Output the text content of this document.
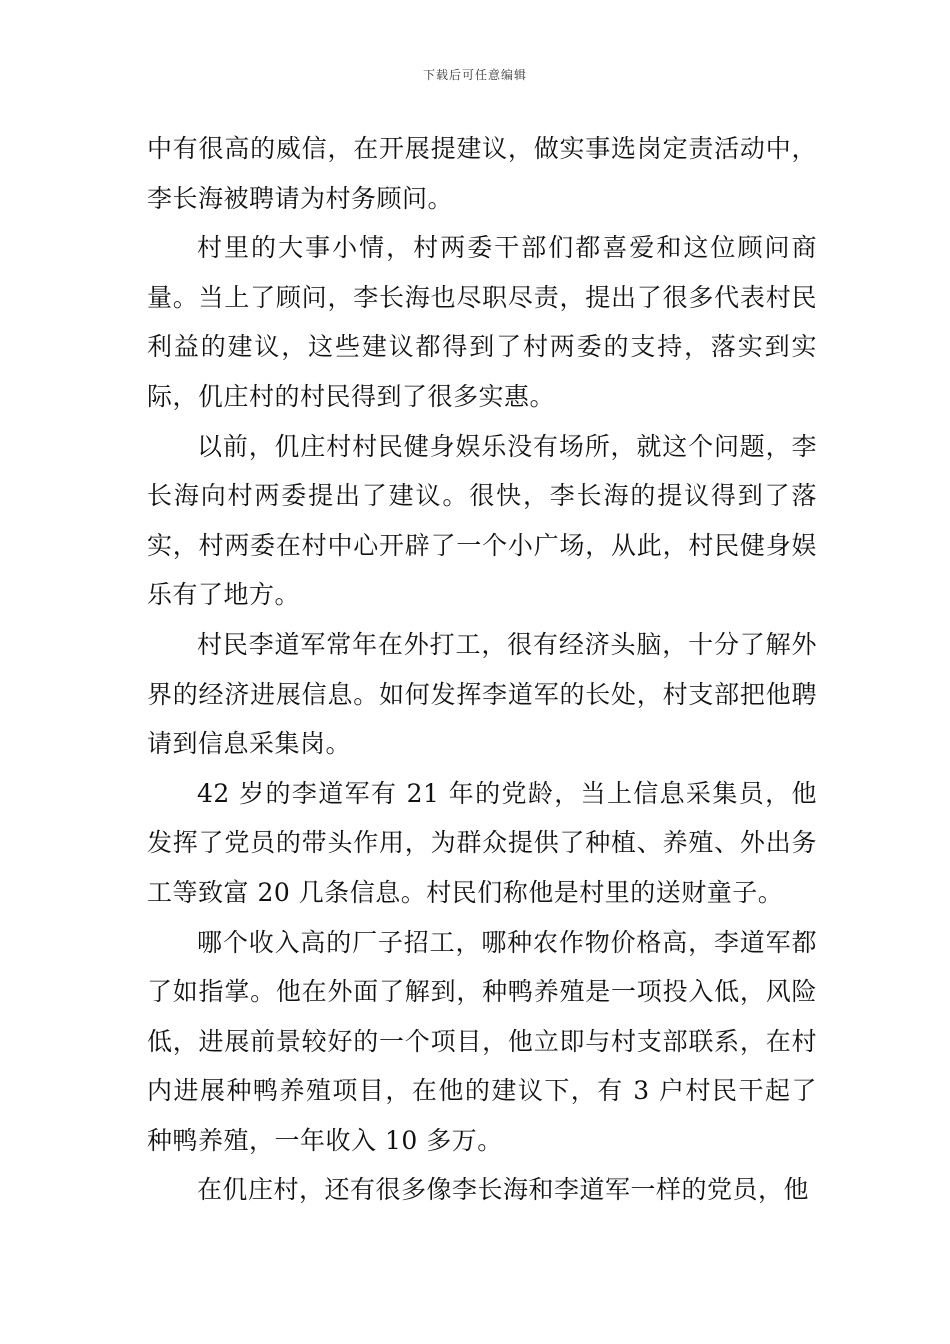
下载后可任意编辑

中有很高的威信，在开展提建议，做实事选岗定责活动中，李长海被聘请为村务顾问。

村里的大事小情，村两委干部们都喜爱和这位顾问商量。当上了顾问，李长海也尽职尽责，提出了很多代表村民利益的建议，这些建议都得到了村两委的支持，落实到实际，仉庄村的村民得到了很多实惠。

以前，仉庄村村民健身娱乐没有场所，就这个问题，李长海向村两委提出了建议。很快，李长海的提议得到了落实，村两委在村中心开辟了一个小广场，从此，村民健身娱乐有了地方。

村民李道军常年在外打工，很有经济头脑，十分了解外界的经济进展信息。如何发挥李道军的长处，村支部把他聘请到信息采集岗。

42 岁的李道军有 21 年的党龄，当上信息采集员，他发挥了党员的带头作用，为群众提供了种植、养殖、外出务工等致富 20 几条信息。村民们称他是村里的送财童子。

哪个收入高的厂子招工，哪种农作物价格高，李道军都了如指掌。他在外面了解到，种鸭养殖是一项投入低，风险低，进展前景较好的一个项目，他立即与村支部联系，在村内进展种鸭养殖项目，在他的建议下，有 3 户村民干起了种鸭养殖，一年收入 10 多万。

在仉庄村，还有很多像李长海和李道军一样的党员，他
